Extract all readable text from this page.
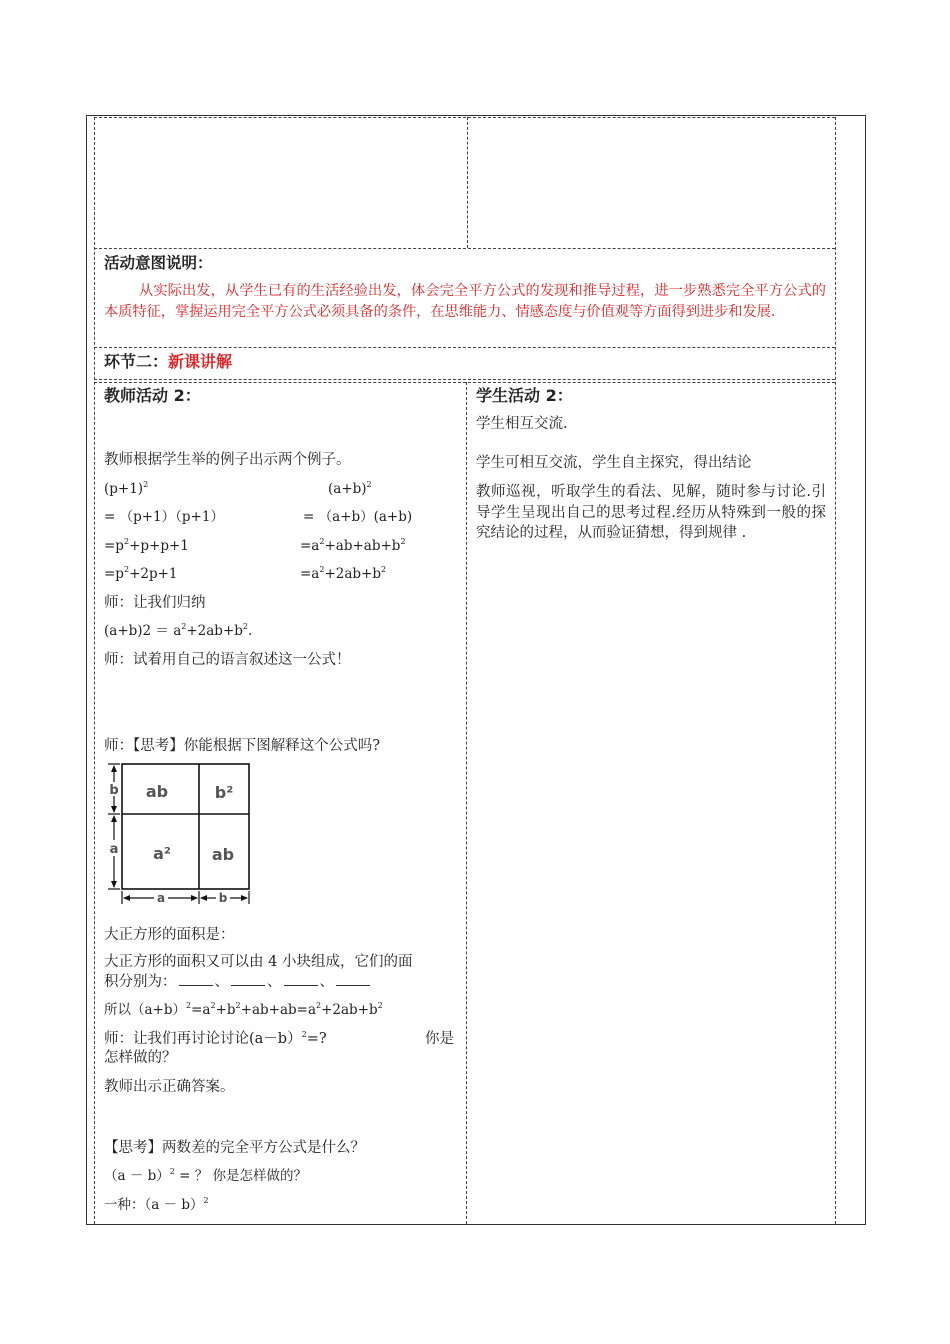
活动意图说明：
从实际出发，从学生已有的生活经验出发，体会完全平方公式的发现和推导过程，进一步熟悉完全平方公式的本质特征，掌握运用完全平方公式必须具备的条件，在思维能力、情感态度与价值观等方面得到进步和发展.
环节二：新课讲解
教师活动 2：
教师根据学生举的例子出示两个例子。
$(p+1)^2$	$(a+b)^2$
= （p+1）（p+1）	= （a+b）(a+b)
$=p^2+p+p+1$	$=a^2+ab+ab+b^2$
$=p^2+2p+1$	$=a^2+2ab+b^2$
师：让我们归纳
$(a+b)2 = a^2+2ab+b^2$.
师：试着用自己的语言叙述这一公式！
师：【思考】你能根据下图解释这个公式吗?
ab	b²
a²	ab
b
a
a	b
大正方形的面积是：
大正方形的面积又可以由 4 小块组成，它们的面
积分别为：	、	、	、
所以$(a+b)^2=a^2+b^2+ab+ab=a^2+2ab+b^2$
师：让我们再讨论讨论(a－b）$^2$=?	你是
怎样做的？
教师出示正确答案。
【思考】两数差的完全平方公式是什么？
$(a - b)^2$ = ？ 你是怎样做的？
一种：$(a - b)^2$
学生活动 2：
学生相互交流.
学生可相互交流，学生自主探究，得出结论
教师巡视，听取学生的看法、见解，随时参与讨论.引导学生呈现出自己的思考过程.经历从特殊到一般的探究结论的过程，从而验证猜想，得到规律 .
